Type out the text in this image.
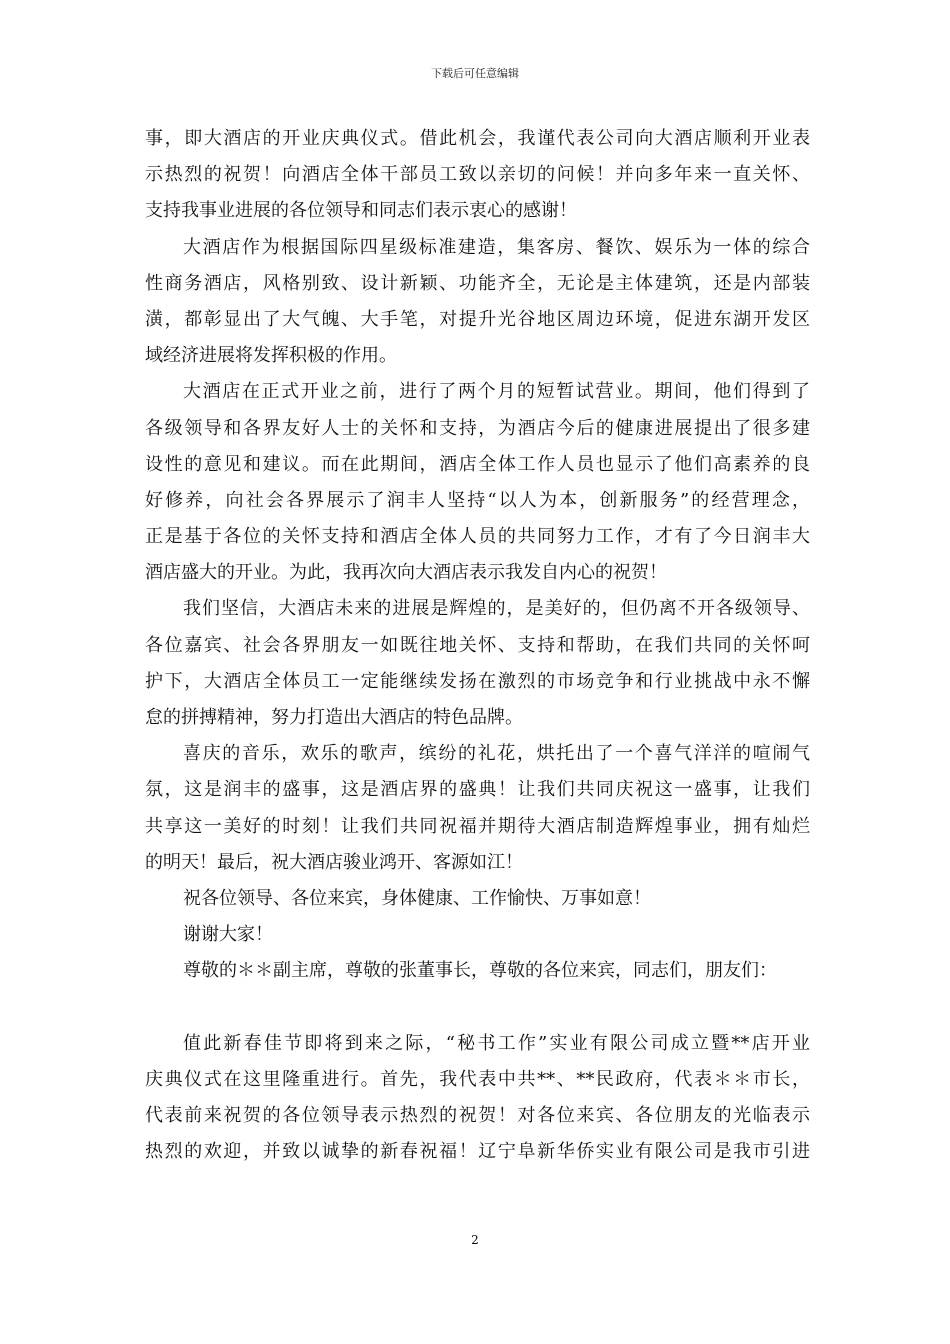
下载后可任意编辑
事，即大酒店的开业庆典仪式。借此机会，我谨代表公司向大酒店顺利开业表
示热烈的祝贺！向酒店全体干部员工致以亲切的问候！并向多年来一直关怀、
支持我事业进展的各位领导和同志们表示衷心的感谢！
大酒店作为根据国际四星级标准建造，集客房、餐饮、娱乐为一体的综合
性商务酒店，风格别致、设计新颖、功能齐全，无论是主体建筑，还是内部装
潢，都彰显出了大气魄、大手笔，对提升光谷地区周边环境，促进东湖开发区
域经济进展将发挥积极的作用。
大酒店在正式开业之前，进行了两个月的短暂试营业。期间，他们得到了
各级领导和各界友好人士的关怀和支持，为酒店今后的健康进展提出了很多建
设性的意见和建议。而在此期间，酒店全体工作人员也显示了他们高素养的良
好修养，向社会各界展示了润丰人坚持“以人为本，创新服务”的经营理念，
正是基于各位的关怀支持和酒店全体人员的共同努力工作，才有了今日润丰大
酒店盛大的开业。为此，我再次向大酒店表示我发自内心的祝贺！
我们坚信，大酒店未来的进展是辉煌的，是美好的，但仍离不开各级领导、
各位嘉宾、社会各界朋友一如既往地关怀、支持和帮助，在我们共同的关怀呵
护下，大酒店全体员工一定能继续发扬在激烈的市场竞争和行业挑战中永不懈
怠的拼搏精神，努力打造出大酒店的特色品牌。
喜庆的音乐，欢乐的歌声，缤纷的礼花，烘托出了一个喜气洋洋的喧闹气
氛，这是润丰的盛事，这是酒店界的盛典！让我们共同庆祝这一盛事，让我们
共享这一美好的时刻！让我们共同祝福并期待大酒店制造辉煌事业，拥有灿烂
的明天！最后，祝大酒店骏业鸿开、客源如江！
祝各位领导、各位来宾，身体健康、工作愉快、万事如意！
谢谢大家！
尊敬的＊＊副主席，尊敬的张董事长，尊敬的各位来宾，同志们，朋友们：
值此新春佳节即将到来之际，“秘书工作”实业有限公司成立暨**店开业
庆典仪式在这里隆重进行。首先，我代表中共**、**民政府，代表＊＊市长，
代表前来祝贺的各位领导表示热烈的祝贺！对各位来宾、各位朋友的光临表示
热烈的欢迎，并致以诚挚的新春祝福！辽宁阜新华侨实业有限公司是我市引进
2
